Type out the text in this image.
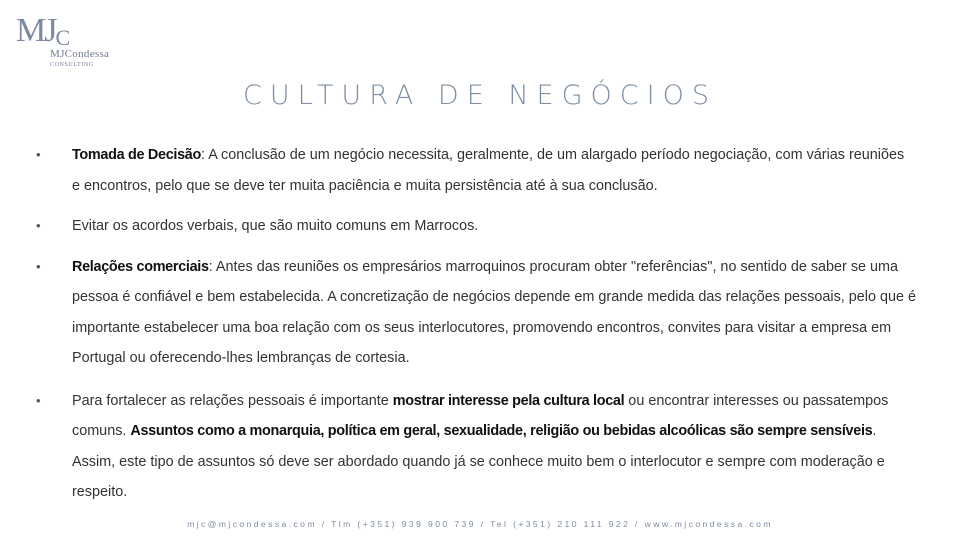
MJC
MJCondessa
CONSULTING
CULTURA DE NEGÓCIOS
• Tomada de Decisão: A conclusão de um negócio necessita, geralmente, de um alargado período negociação, com várias reuniões e encontros, pelo que se deve ter muita paciência e muita persistência até à sua conclusão.
• Evitar os acordos verbais, que são muito comuns em Marrocos.
• Relações comerciais: Antes das reuniões os empresários marroquinos procuram obter "referências", no sentido de saber se uma pessoa é confiável e bem estabelecida. A concretização de negócios depende em grande medida das relações pessoais, pelo que é importante estabelecer uma boa relação com os seus interlocutores, promovendo encontros, convites para visitar a empresa em Portugal ou oferecendo-lhes lembranças de cortesia.
• Para fortalecer as relações pessoais é importante mostrar interesse pela cultura local ou encontrar interesses ou passatempos comuns. Assuntos como a monarquia, política em geral, sexualidade, religião ou bebidas alcoólicas são sempre sensíveis. Assim, este tipo de assuntos só deve ser abordado quando já se conhece muito bem o interlocutor e sempre com moderação e respeito.
mjc@mjcondessa.com / Tlm (+351) 939 900 739 / Tel (+351) 210 111 922 / www.mjcondessa.com
